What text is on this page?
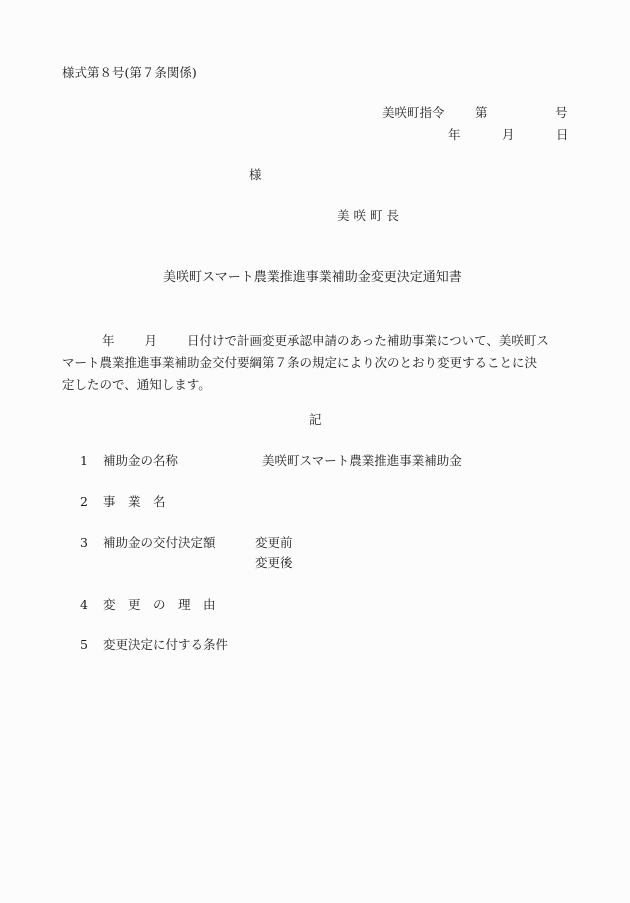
様式第８号(第７条関係)
美咲町指令 第	号
年	月	日
様
美 咲 町 長
美咲町スマート農業推進事業補助金変更決定通知書
年 月 日付けで計画変更承認申請のあった補助事業について、美咲町ス
マート農業推進事業補助金交付要綱第７条の規定により次のとおり変更することに決
定したので、通知します。
記
1 補助金の名称	美咲町スマート農業推進事業補助金
2 事　業　名
3 補助金の交付決定額	変更前
変更後
4 変　更　の　理　由
5 変更決定に付する条件
